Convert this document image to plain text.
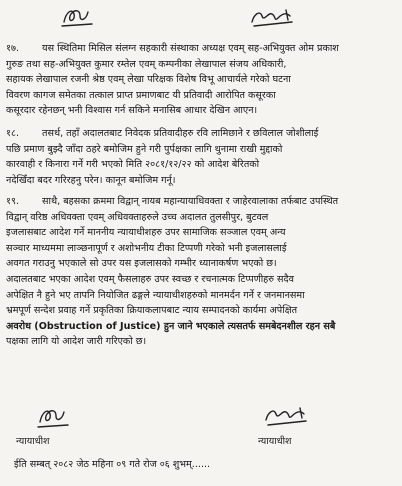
१७.	यस स्थितिमा मिसिल संलग्न सहकारी संस्थाका अध्यक्ष एवम् सह-अभियुक्त ओम प्रकाश
गुरुङ तथा सह-अभियुक्त कुमार रम्तेल एवम् कम्पनीका लेखापाल संजय अधिकारी,
सहायक लेखापाल रजनी श्रेष्ठ एवम् लेखा परिक्षक विशेष विभू आचार्यले गरेको घटना
विवरण कागज समेतका तत्काल प्राप्त प्रमाणबाट यी प्रतिवादी आरोपित कसूरका
कसूरदार रहेनछन् भनी विश्वास गर्न सकिने मनासिब आधार देखिन आएन।
१८.	तसर्थ, तहाँ अदालतबाट निवेदक प्रतिवादीहरु रवि लामिछाने र छविलाल जोशीलाई
पछि प्रमाण बुझ्दै जाँदा ठहरे बमोजिम हुने गरी पुर्पक्षका लागि थुनामा राखी मुद्दाको
कारवाही र किनारा गर्ने गरी भएको मिति २०८१/१२/२२ को आदेश बेरितको
नदेखिँदा बदर गरिरहनु परेन। कानून बमोजिम गर्नू।
१९.	साथै, बहसका क्रममा विद्वान् नायब महान्यायाधिवक्ता र जाहेरवालाका तर्फबाट उपस्थित
विद्वान् वरिष्ठ अधिवक्ता एवम् अधिवक्ताहरुले उच्च अदालत तुलसीपुर, बुटवल
इजलासबाट आदेश गर्ने माननीय न्यायाधीशहरु उपर सामाजिक सञ्जाल एवम् अन्य
सञ्चार माध्यममा लाञ्छनापूर्ण र अशोभनीय टीका टिप्पणी गरेको भनी इजलासलाई
अवगत गराउनु भएकाले सो उपर यस इजलासको गम्भीर ध्यानाकर्षण भएको छ।
अदालतबाट भएका आदेश एवम् फैसलाहरु उपर स्वच्छ र रचनात्मक टिप्पणीहरु सदैव
अपेक्षित नै हुने भए तापनि नियोजित ढङ्गले न्यायाधीशहरुको मानमर्दन गर्ने र जनमानसमा
भ्रमपूर्ण सन्देश प्रवाह गर्ने प्रकृतिका क्रियाकलापबाट न्याय सम्पादनको कार्यमा अपेक्षित
अवरोध (Obstruction of Justice) हुन जाने भएकाले त्यसतर्फ समबेदनशील रहन सबै
पक्षका लागि यो आदेश जारी गरिएको छ।
न्यायाधीश	न्यायाधीश
ईति सम्बत् २०८२ जेठ महिना ०९ गते रोज ०६ शुभम्......
